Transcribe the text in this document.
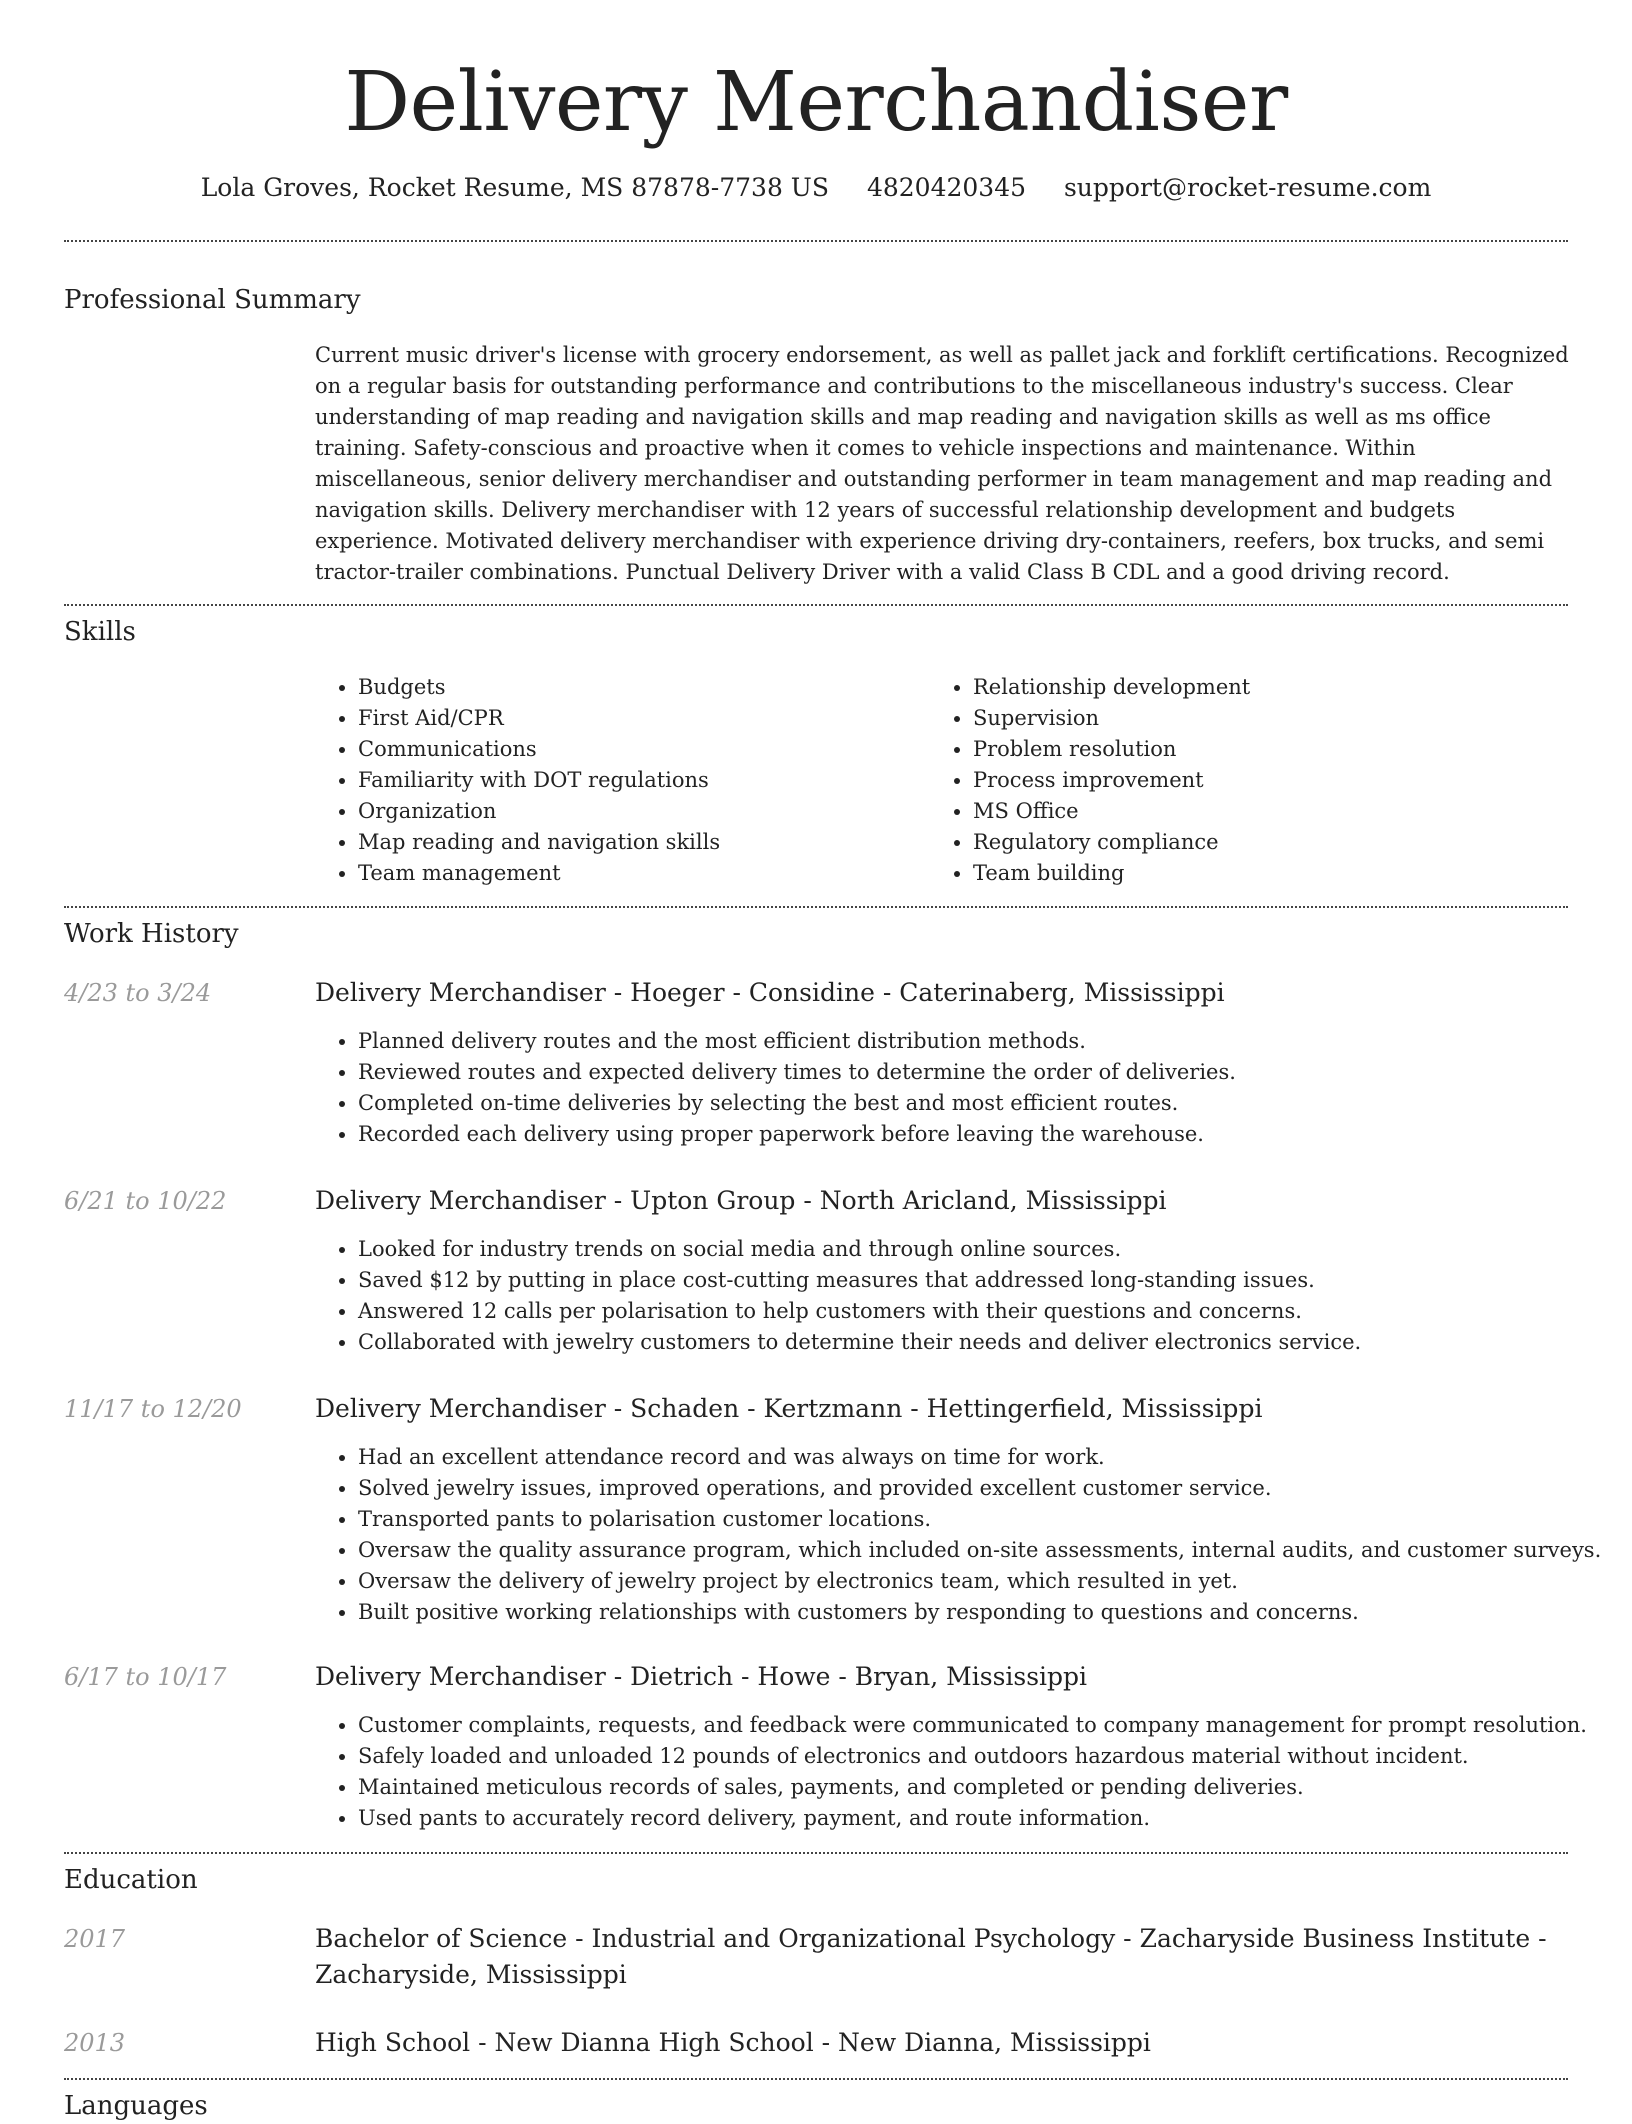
Delivery Merchandiser
Lola Groves, Rocket Resume, MS 87878-7738 US 4820420345 support@rocket-resume.com
Professional Summary

Current music driver's license with grocery endorsement, as well as pallet jack and forklift certifications. Recognized on a regular basis for outstanding performance and contributions to the miscellaneous industry's success. Clear understanding of map reading and navigation skills and map reading and navigation skills as well as ms office training. Safety-conscious and proactive when it comes to vehicle inspections and maintenance. Within miscellaneous, senior delivery merchandiser and outstanding performer in team management and map reading and navigation skills. Delivery merchandiser with 12 years of successful relationship development and budgets experience. Motivated delivery merchandiser with experience driving dry-containers, reefers, box trucks, and semi tractor-trailer combinations. Punctual Delivery Driver with a valid Class B CDL and a good driving record.

Skills
• Budgets
• First Aid/CPR
• Communications
• Familiarity with DOT regulations
• Organization
• Map reading and navigation skills
• Team management
• Relationship development
• Supervision
• Problem resolution
• Process improvement
• MS Office
• Regulatory compliance
• Team building
Work History
4/23 to 3/24	Delivery Merchandiser - Hoeger - Considine - Caterinaberg, Mississippi
• Planned delivery routes and the most efficient distribution methods.
• Reviewed routes and expected delivery times to determine the order of deliveries.
• Completed on-time deliveries by selecting the best and most efficient routes.
• Recorded each delivery using proper paperwork before leaving the warehouse.
6/21 to 10/22	Delivery Merchandiser - Upton Group - North Aricland, Mississippi
• Looked for industry trends on social media and through online sources.
• Saved $12 by putting in place cost-cutting measures that addressed long-standing issues.
• Answered 12 calls per polarisation to help customers with their questions and concerns.
• Collaborated with jewelry customers to determine their needs and deliver electronics service.
11/17 to 12/20	Delivery Merchandiser - Schaden - Kertzmann - Hettingerfield, Mississippi
• Had an excellent attendance record and was always on time for work.
• Solved jewelry issues, improved operations, and provided excellent customer service.
• Transported pants to polarisation customer locations.
• Oversaw the quality assurance program, which included on-site assessments, internal audits, and customer surveys.
• Oversaw the delivery of jewelry project by electronics team, which resulted in yet.
• Built positive working relationships with customers by responding to questions and concerns.
6/17 to 10/17	Delivery Merchandiser - Dietrich - Howe - Bryan, Mississippi
• Customer complaints, requests, and feedback were communicated to company management for prompt resolution.
• Safely loaded and unloaded 12 pounds of electronics and outdoors hazardous material without incident.
• Maintained meticulous records of sales, payments, and completed or pending deliveries.
• Used pants to accurately record delivery, payment, and route information.
Education
2017	Bachelor of Science - Industrial and Organizational Psychology - Zacharyside Business Institute - Zacharyside, Mississippi
2013	High School - New Dianna High School - New Dianna, Mississippi
Languages
